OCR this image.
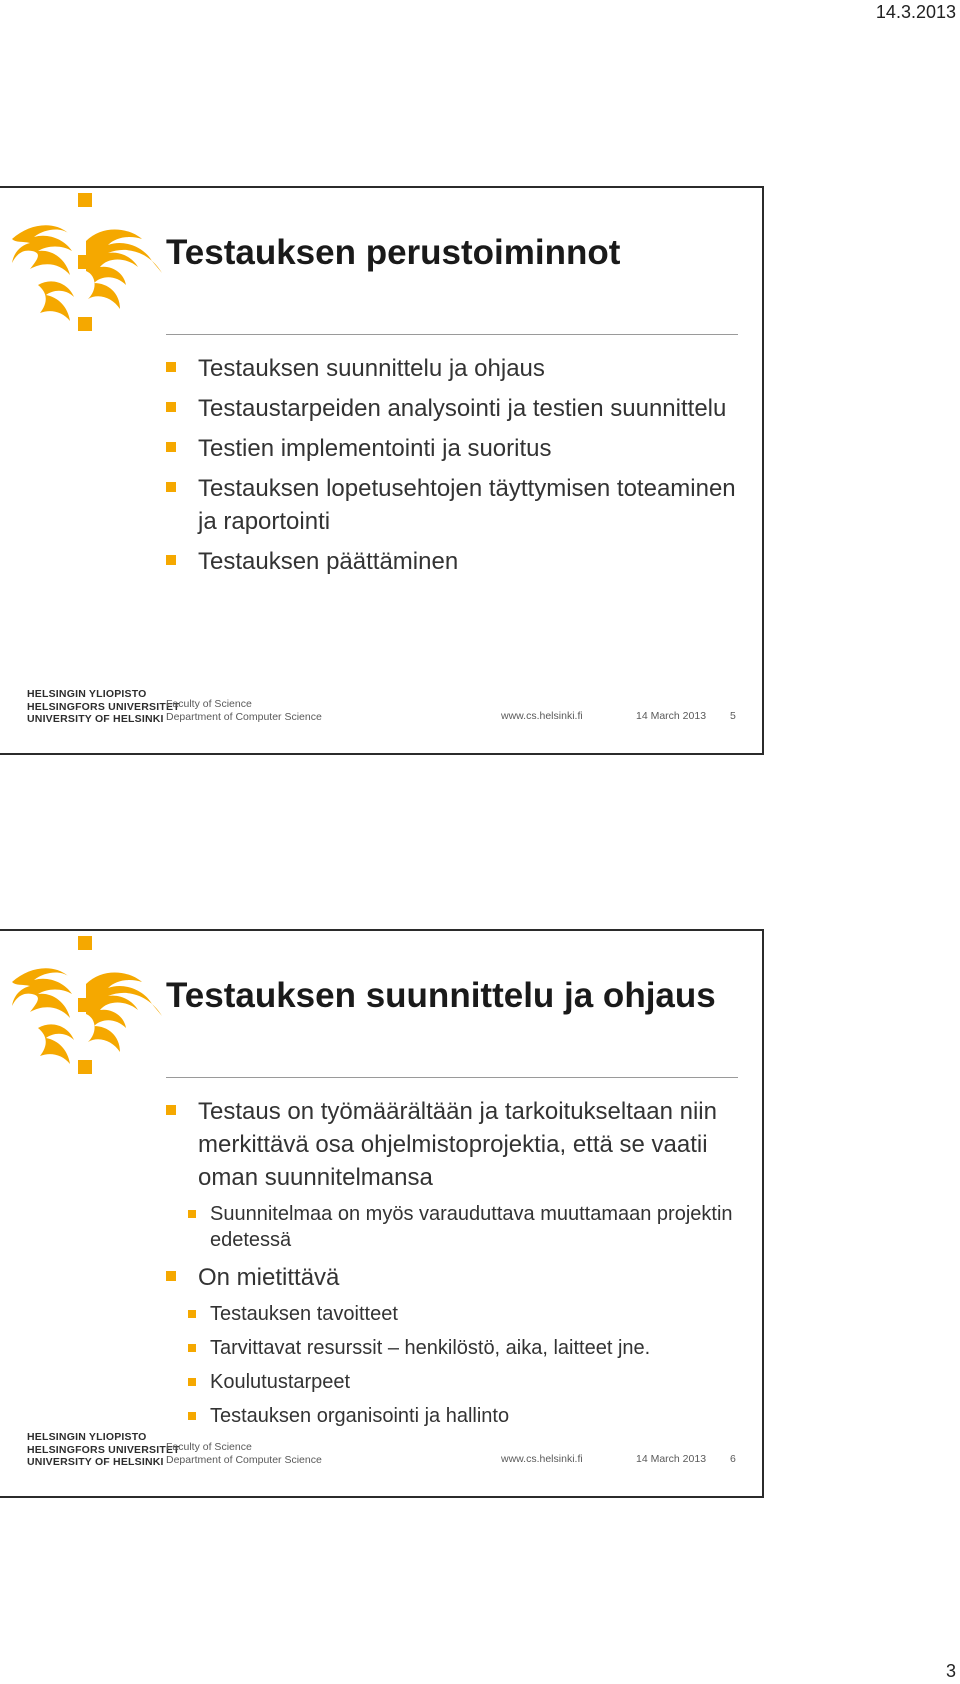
14.3.2013
Testauksen perustoiminnot
Testauksen suunnittelu ja ohjaus
Testaustarpeiden analysointi ja testien suunnittelu
Testien implementointi ja suoritus
Testauksen lopetusehtojen täyttymisen toteaminen ja raportointi
Testauksen päättäminen

HELSINGIN YLIOPISTO
HELSINGFORS UNIVERSITET
UNIVERSITY OF HELSINKI

Faculty of Science
Department of Computer Science	www.cs.helsinki.fi	14 March 2013 5
Testauksen suunnittelu ja ohjaus
Testaus on työmäärältään ja tarkoitukseltaan niin merkittävä osa ohjelmistoprojektia, että se vaatii oman suunnitelmansa
Suunnitelmaa on myös varauduttava muuttamaan projektin edetessä
On mietittävä
Testauksen tavoitteet
Tarvittavat resurssit – henkilöstö, aika, laitteet jne.
Koulutustarpeet
Testauksen organisointi ja hallinto

HELSINGIN YLIOPISTO
HELSINGFORS UNIVERSITET
UNIVERSITY OF HELSINKI

Faculty of Science
Department of Computer Science	www.cs.helsinki.fi	14 March 2013 6
3
